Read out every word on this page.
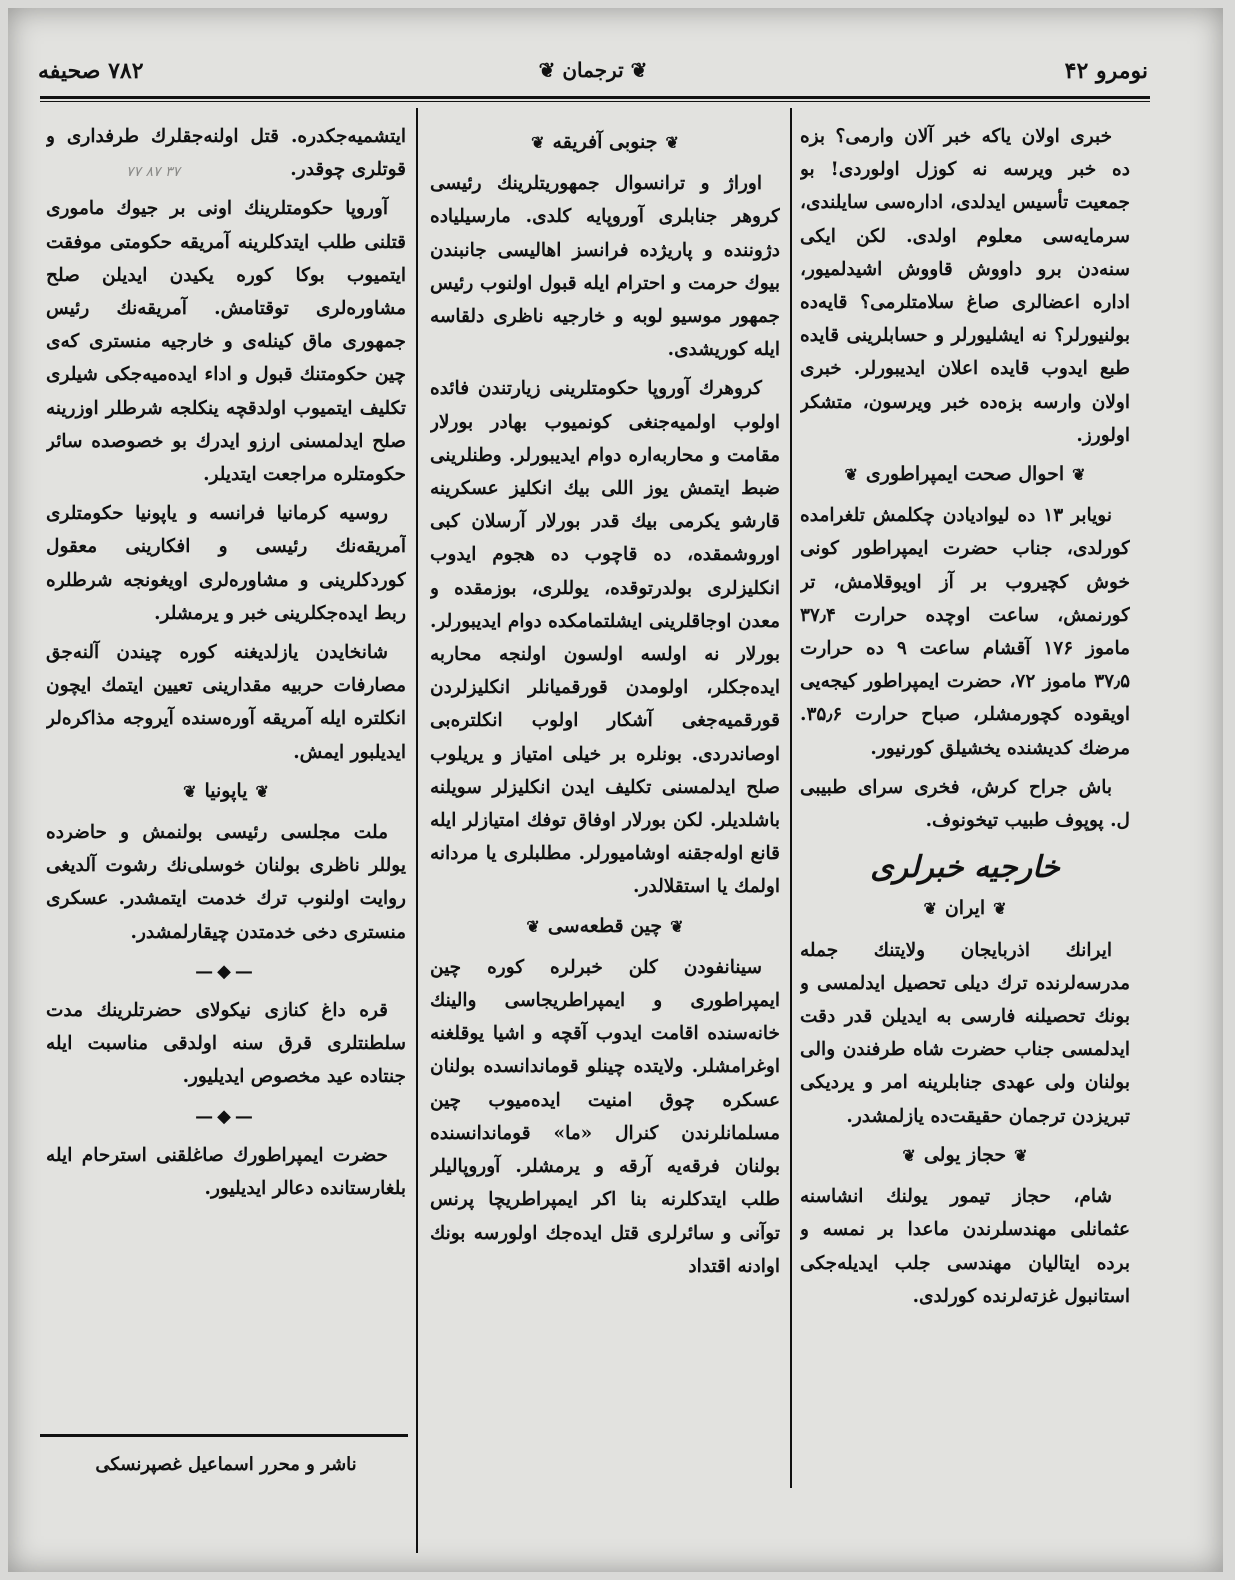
نومرو ۴۲
❦ ترجمان ❦
۷۸۲ صحيفه

خبری اولان ياكه خبر آلان وارمی؟ بزه ده خبر ويرسه نه كوزل اولوردی! بو جمعيت تأسيس ايدلدی، ادارەسی سايلندی، سرمايەسی معلوم اولدی. لكن ايكی سنەدن برو داووش قاووش اشيدلميور، اداره اعضالری صاغ سلامتلرمی؟ قايەده بولنيورلر؟ نه ايشليورلر و حسابلرينی قايده طبع ايدوب قايده اعلان ايديبورلر. خبری اولان وارسه بزەده خبر ويرسون، متشكر اولورز.

❦احوال صحت ايمپراطوری❦

نويابر ۱۳ ده ليواديادن چكلمش تلغرامده كورلدی، جناب حضرت ايمپراطور كونی خوش كچيروب بر آز اويوقلامش، تر كورنمش، ساعت اوچده حرارت ۳۷٫۴ ماموز ۱۷۶ آقشام ساعت ۹ ده حرارت ۳۷٫۵ ماموز ۷۲، حضرت ايمپراطور كيجه‌يی اويقوده كچورمشلر، صباح حرارت ۳۵٫۶. مرضك كديشنده يخشيلق كورنيور.

باش جراح كرش، فخری سرای طبيبی ل. پوپوف طبيب تيخونوف.

خارجيه خبرلری
❦ايران❦

ايرانك اذربايجان ولايتنك جمله مدرسه‌لرنده ترك ديلی تحصيل ايدلمسی و بونك تحصيلنه فارسی به ايديلن قدر دقت ايدلمسی جناب حضرت شاه طرفندن والی بولنان ولی عهدی جنابلرينه امر و يرديكی تبريزدن ترجمان حقيقت‌ده يازلمشدر.

❦حجاز يولی❦

شام، حجاز تيمور يولنك انشاسنه عثمانلی مهندسلرندن ماعدا بر نمسه و برده ايتاليان مهندسی جلب ايديله‌جكی استانبول غزته‌لرنده كورلدی.

❦جنوبی آفريقه❦

اوراژ و ترانسوال جمهوريتلرينك رئيسی كروهر جنابلری آوروپايه كلدی. مارسيلياده دژوننده و پاريژده فرانسز اهاليسی جانبندن بيوك حرمت و احترام ايله قبول اولنوب رئيس جمهور موسيو لوبه و خارجيه ناظری دلقاسه ايله كوريشدی.

كروهرك آوروپا حكومتلرينی زيارتندن فائده اولوب اولميه‌جنغی كونميوب بهادر بورلار مقامت و محاربه‌اره دوام ايديبورلر. وطنلرينی ضبط ايتمش يوز اللی بيك انكليز عسكرينه قارشو يكرمی بيك قدر بورلار آرسلان كبی اوروشمقده، ده قاچوب ده هجوم ايدوب انكليزلری بولدرتوقده، يوللری، بوزمقده و معدن اوجاقلرينی ايشلتمامكده دوام ايديبورلر. بورلار نه اولسه اولسون اولنجه محاربه ايده‌جكلر، اولومدن قورقميانلر انكليزلردن قورقميه‌جغی آشكار اولوب انكلترەبی اوصاندردی. بونلره بر خيلی امتياز و يريلوب صلح ايدلمسنی تكليف ايدن انكليزلر سويلنه باشلديلر. لكن بورلار اوفاق توفك امتيازلر ايله قانع اوله‌جقنه اوشاميورلر. مطلبلری يا مردانه اولمك يا استقلالدر.

❦چين قطعه‌سی❦

سينانفودن كلن خبرلره كوره چين ايمپراطوری و ايمپراطريجاسی والينك خانه‌سنده اقامت ايدوب آقچه و اشيا يوقلغنه اوغرامشلر. ولايتده چينلو قوماندانسده بولنان عسكره چوق امنيت ايده‌ميوب چين مسلمانلرندن كنرال «ما» قوماندانسنده بولنان فرقه‌يه آرقه و يرمشلر. آوروپاليلر طلب ايتدكلرنه بنا اكر ايمپراطريچا پرنس توآنی و سائرلری قتل ايده‌جك اولورسه بونك اوادنه اقتداد

ايتشميه‌جكدره. قتل اولنه‌جقلرك طرفداری و قوتلری چوقدر.

آوروپا حكومتلرينك اونی بر جيوك ماموری قتلنی طلب ايتدكلرينه آمريقه حكومتی موفقت ايتميوب بوكا كوره يكيدن ايديلن صلح مشاوره‌لری توقتامش. آمريقه‌نك رئيس جمهوری ماق كينلەی و خارجيه منستری كه‌ی چين حكومتنك قبول و اداء ايده‌ميه‌جكی شيلری تكليف ايتميوب اولدقچه ينكلجه شرطلر اوزرينه صلح ايدلمسنی ارزو ايدرك بو خصوصده سائر حكومتلره مراجعت ايتديلر.

روسيه كرمانيا فرانسه و ياپونيا حكومتلری آمريقه‌نك رئيسی و افكارينی معقول كوردكلرينی و مشاوره‌لری اويغونجه شرطلره ربط ايده‌جكلرينی خبر و يرمشلر.

شانخايدن يازلديغنه كوره چيندن آلنه‌جق مصارفات حربيه مقدارينی تعيين ايتمك ايچون انكلتره ايله آمريقه آورەسنده آيروجه مذاكره‌لر ايديلبور ايمش.

❦ياپونيا❦

ملت مجلسی رئيسی بولنمش و حاضرده يوللر ناظری بولنان خوسلی‌نك رشوت آلديغی روايت اولنوب ترك خدمت ايتمشدر. عسكری منستری دخی خدمتدن چيقارلمشدر.

—◆—

قره داغ كنازی نيكولای حضرتلرينك مدت سلطنتلری قرق سنه اولدقی مناسبت ايله جنتاده عيد مخصوص ايديليور.

—◆—

حضرت ايمپراطورك صاغلقنی استرحام ايله بلغارستانده دعالر ايديليور.

۷۷ ۸۷ ۳۷
ناشر و محرر اسماعيل غصپرنسكی
